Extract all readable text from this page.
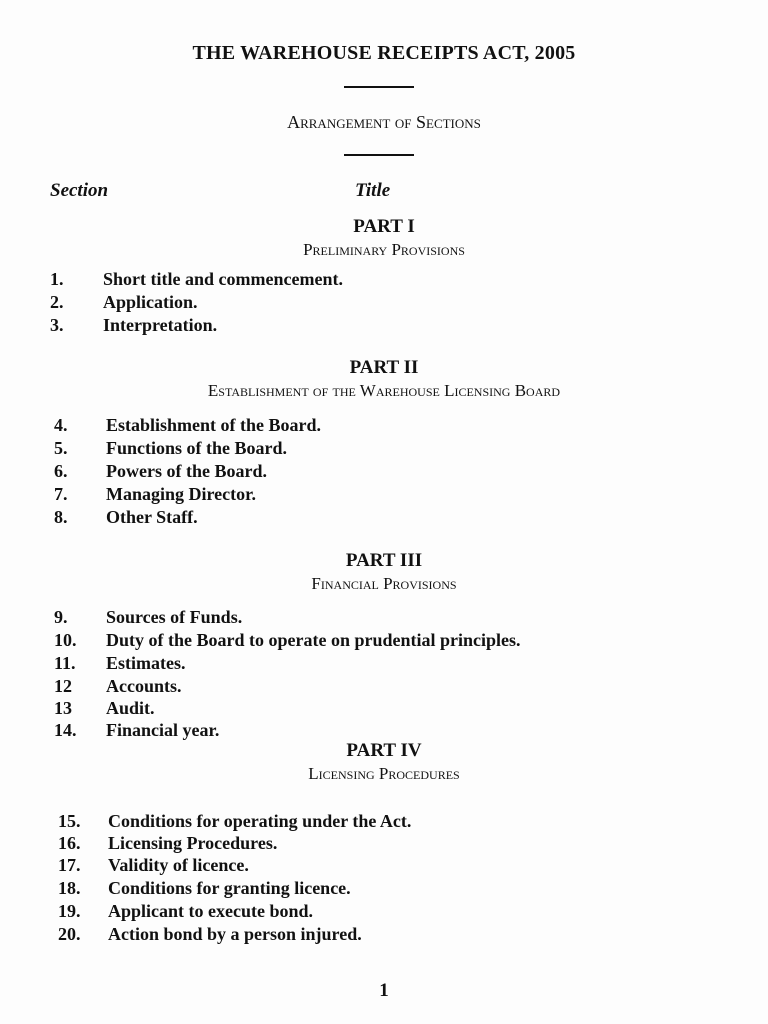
THE WAREHOUSE RECEIPTS ACT, 2005
Arrangement of Sections
Section	Title
PART I
Preliminary Provisions
1. Short title and commencement.
2. Application.
3. Interpretation.
PART II
Establishment of the Warehouse Licensing Board
4. Establishment of the Board.
5. Functions of the Board.
6. Powers of the Board.
7. Managing Director.
8. Other Staff.
PART III
Financial Provisions
9. Sources of Funds.
10. Duty of the Board to operate on prudential principles.
11. Estimates.
12 Accounts.
13 Audit.
14. Financial year.
PART IV
Licensing Procedures
15. Conditions for operating under the Act.
16. Licensing Procedures.
17. Validity of licence.
18. Conditions for granting licence.
19. Applicant to execute bond.
20. Action bond by a person injured.
1
